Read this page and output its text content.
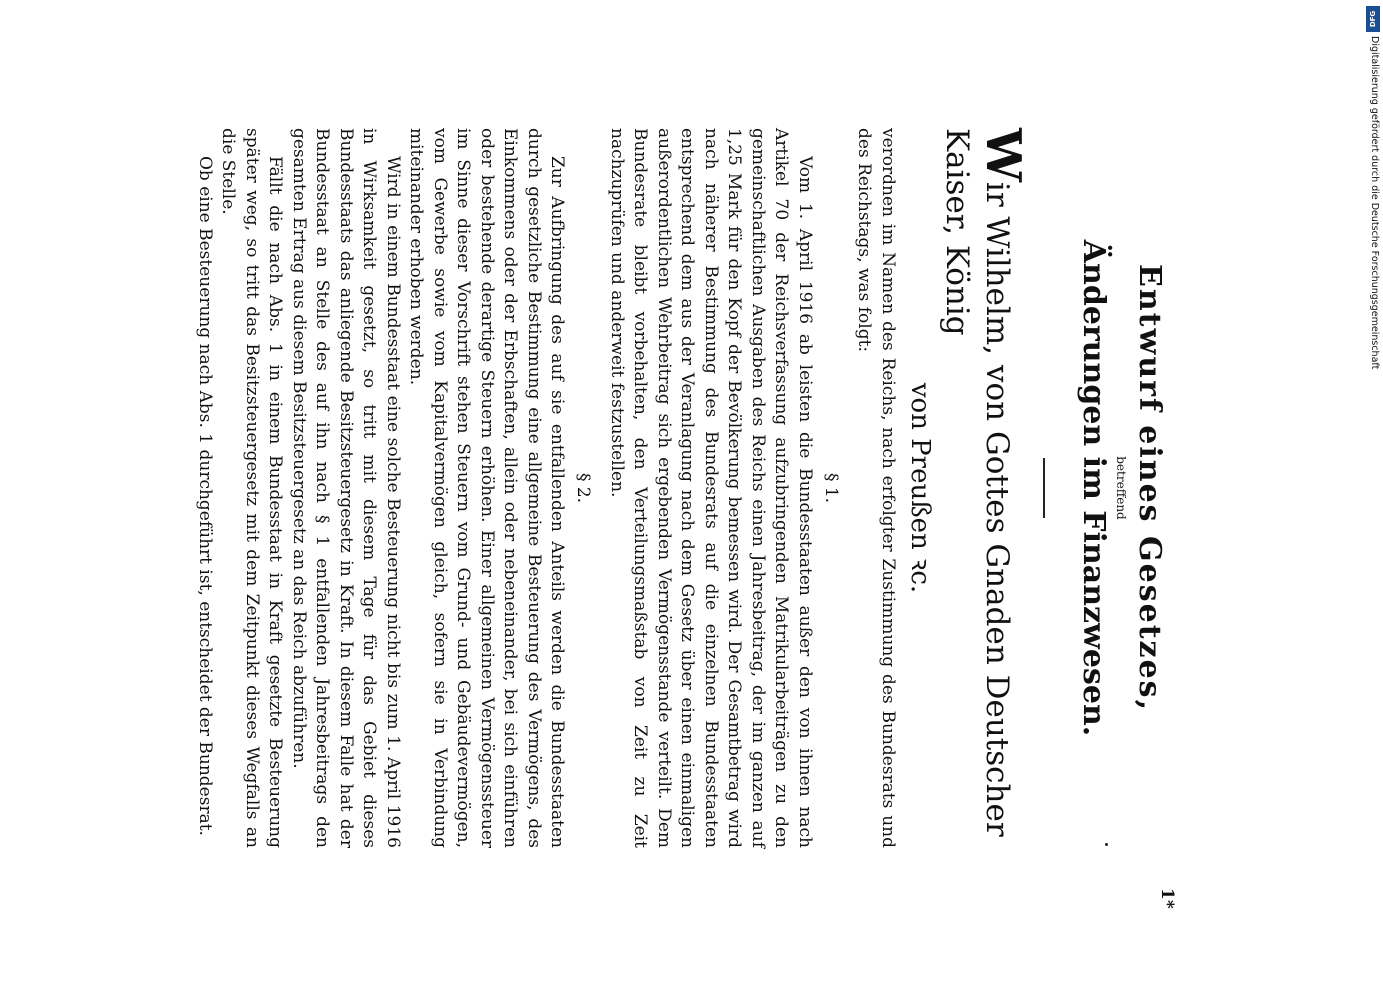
Entwurf eines Gesetzes,

betreffend

Änderungen im Finanzwesen.

Wir Wilhelm, von Gottes Gnaden Deutscher Kaiser, König

von Preußen ꝛc.

verordnen im Namen des Reichs, nach erfolgter Zustimmung des Bundesrats und des Reichstags, was folgt:

§ 1.

Vom 1. April 1916 ab leisten die Bundesstaaten außer den von ihnen nach Artikel 70 der Reichsverfassung aufzubringenden Matrikularbeiträgen zu den gemeinschaftlichen Ausgaben des Reichs einen Jahresbeitrag, der im ganzen auf 1,25 Mark für den Kopf der Bevölkerung bemessen wird. Der Gesamtbetrag wird nach näherer Bestimmung des Bundesrats auf die einzelnen Bundesstaaten entsprechend dem aus der Veranlagung nach dem Gesetz über einen einmaligen außerordentlichen Wehrbeitrag sich ergebenden Vermögensstande verteilt. Dem Bundesrate bleibt vorbehalten, den Verteilungsmaßstab von Zeit zu Zeit nachzuprüfen und anderweit festzustellen.

§ 2.

Zur Aufbringung des auf sie entfallenden Anteils werden die Bundesstaaten durch gesetzliche Bestimmung eine allgemeine Besteuerung des Vermögens, des Einkommens oder der Erbschaften, allein oder nebeneinander, bei sich einführen oder bestehende derartige Steuern erhöhen. Einer allgemeinen Vermögenssteuer im Sinne dieser Vorschrift stehen Steuern vom Grund- und Gebäudevermögen, vom Gewerbe sowie vom Kapitalvermögen gleich, sofern sie in Verbindung miteinander erhoben werden.

Wird in einem Bundesstaat eine solche Besteuerung nicht bis zum 1. April 1916 in Wirksamkeit gesetzt, so tritt mit diesem Tage für das Gebiet dieses Bundesstaats das anliegende Besitzsteuergesetz in Kraft. In diesem Falle hat der Bundesstaat an Stelle des auf ihn nach § 1 entfallenden Jahresbeitrags den gesamten Ertrag aus diesem Besitzsteuergesetz an das Reich abzuführen.

Fällt die nach Abs. 1 in einem Bundesstaat in Kraft gesetzte Besteuerung später weg, so tritt das Besitzsteuergesetz mit dem Zeitpunkt dieses Wegfalls an die Stelle.

Ob eine Besteuerung nach Abs. 1 durchgeführt ist, entscheidet der Bundesrat.

1*
DFG
Digitalisierung gefördert durch die Deutsche Forschungsgemeinschaft
